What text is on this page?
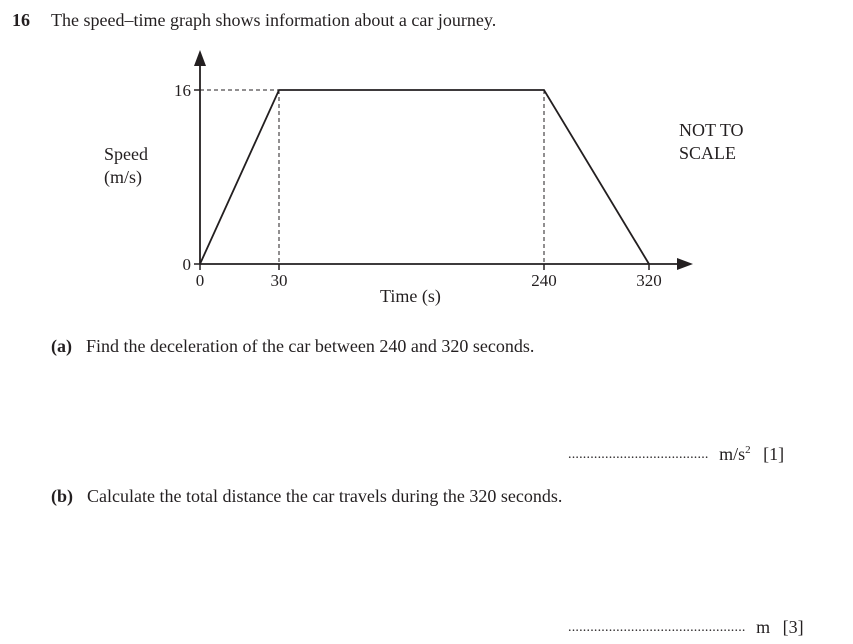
16 The speed–time graph shows information about a car journey.
Speed
(m/s)
NOT TO
SCALE
0	30	240	320
0
16
Time (s)
(a) Find the deceleration of the car between 240 and 320 seconds.
...................................... $m/s^2$ [1]
(b) Calculate the total distance the car travels during the 320 seconds.
................................................ m [3]
